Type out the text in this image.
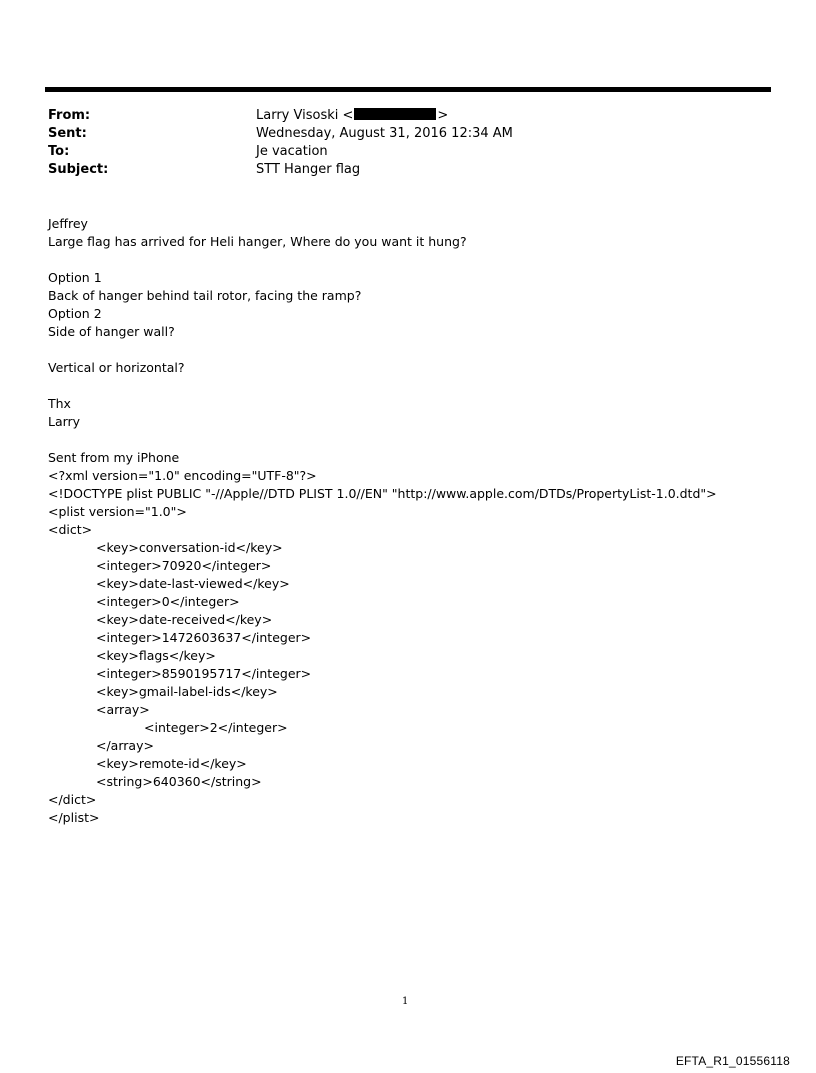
From:	Larry Visoski <	>
Sent:	Wednesday, August 31, 2016 12:34 AM
To:	Je vacation
Subject:	STT Hanger flag
Jeffrey
Large flag has arrived for Heli hanger, Where do you want it hung?
Option 1
Back of hanger behind tail rotor, facing the ramp?
Option 2
Side of hanger wall?
Vertical or horizontal?
Thx
Larry
Sent from my iPhone
<?xml version="1.0" encoding="UTF-8"?>
<!DOCTYPE plist PUBLIC "-//Apple//DTD PLIST 1.0//EN" "http://www.apple.com/DTDs/PropertyList-1.0.dtd">
<plist version="1.0">
<dict>
<key>conversation-id</key>
<integer>70920</integer>
<key>date-last-viewed</key>
<integer>0</integer>
<key>date-received</key>
<integer>1472603637</integer>
<key>flags</key>
<integer>8590195717</integer>
<key>gmail-label-ids</key>
<array>
<integer>2</integer>
</array>
<key>remote-id</key>
<string>640360</string>
</dict>
</plist>
1
EFTA_R1_01556118
